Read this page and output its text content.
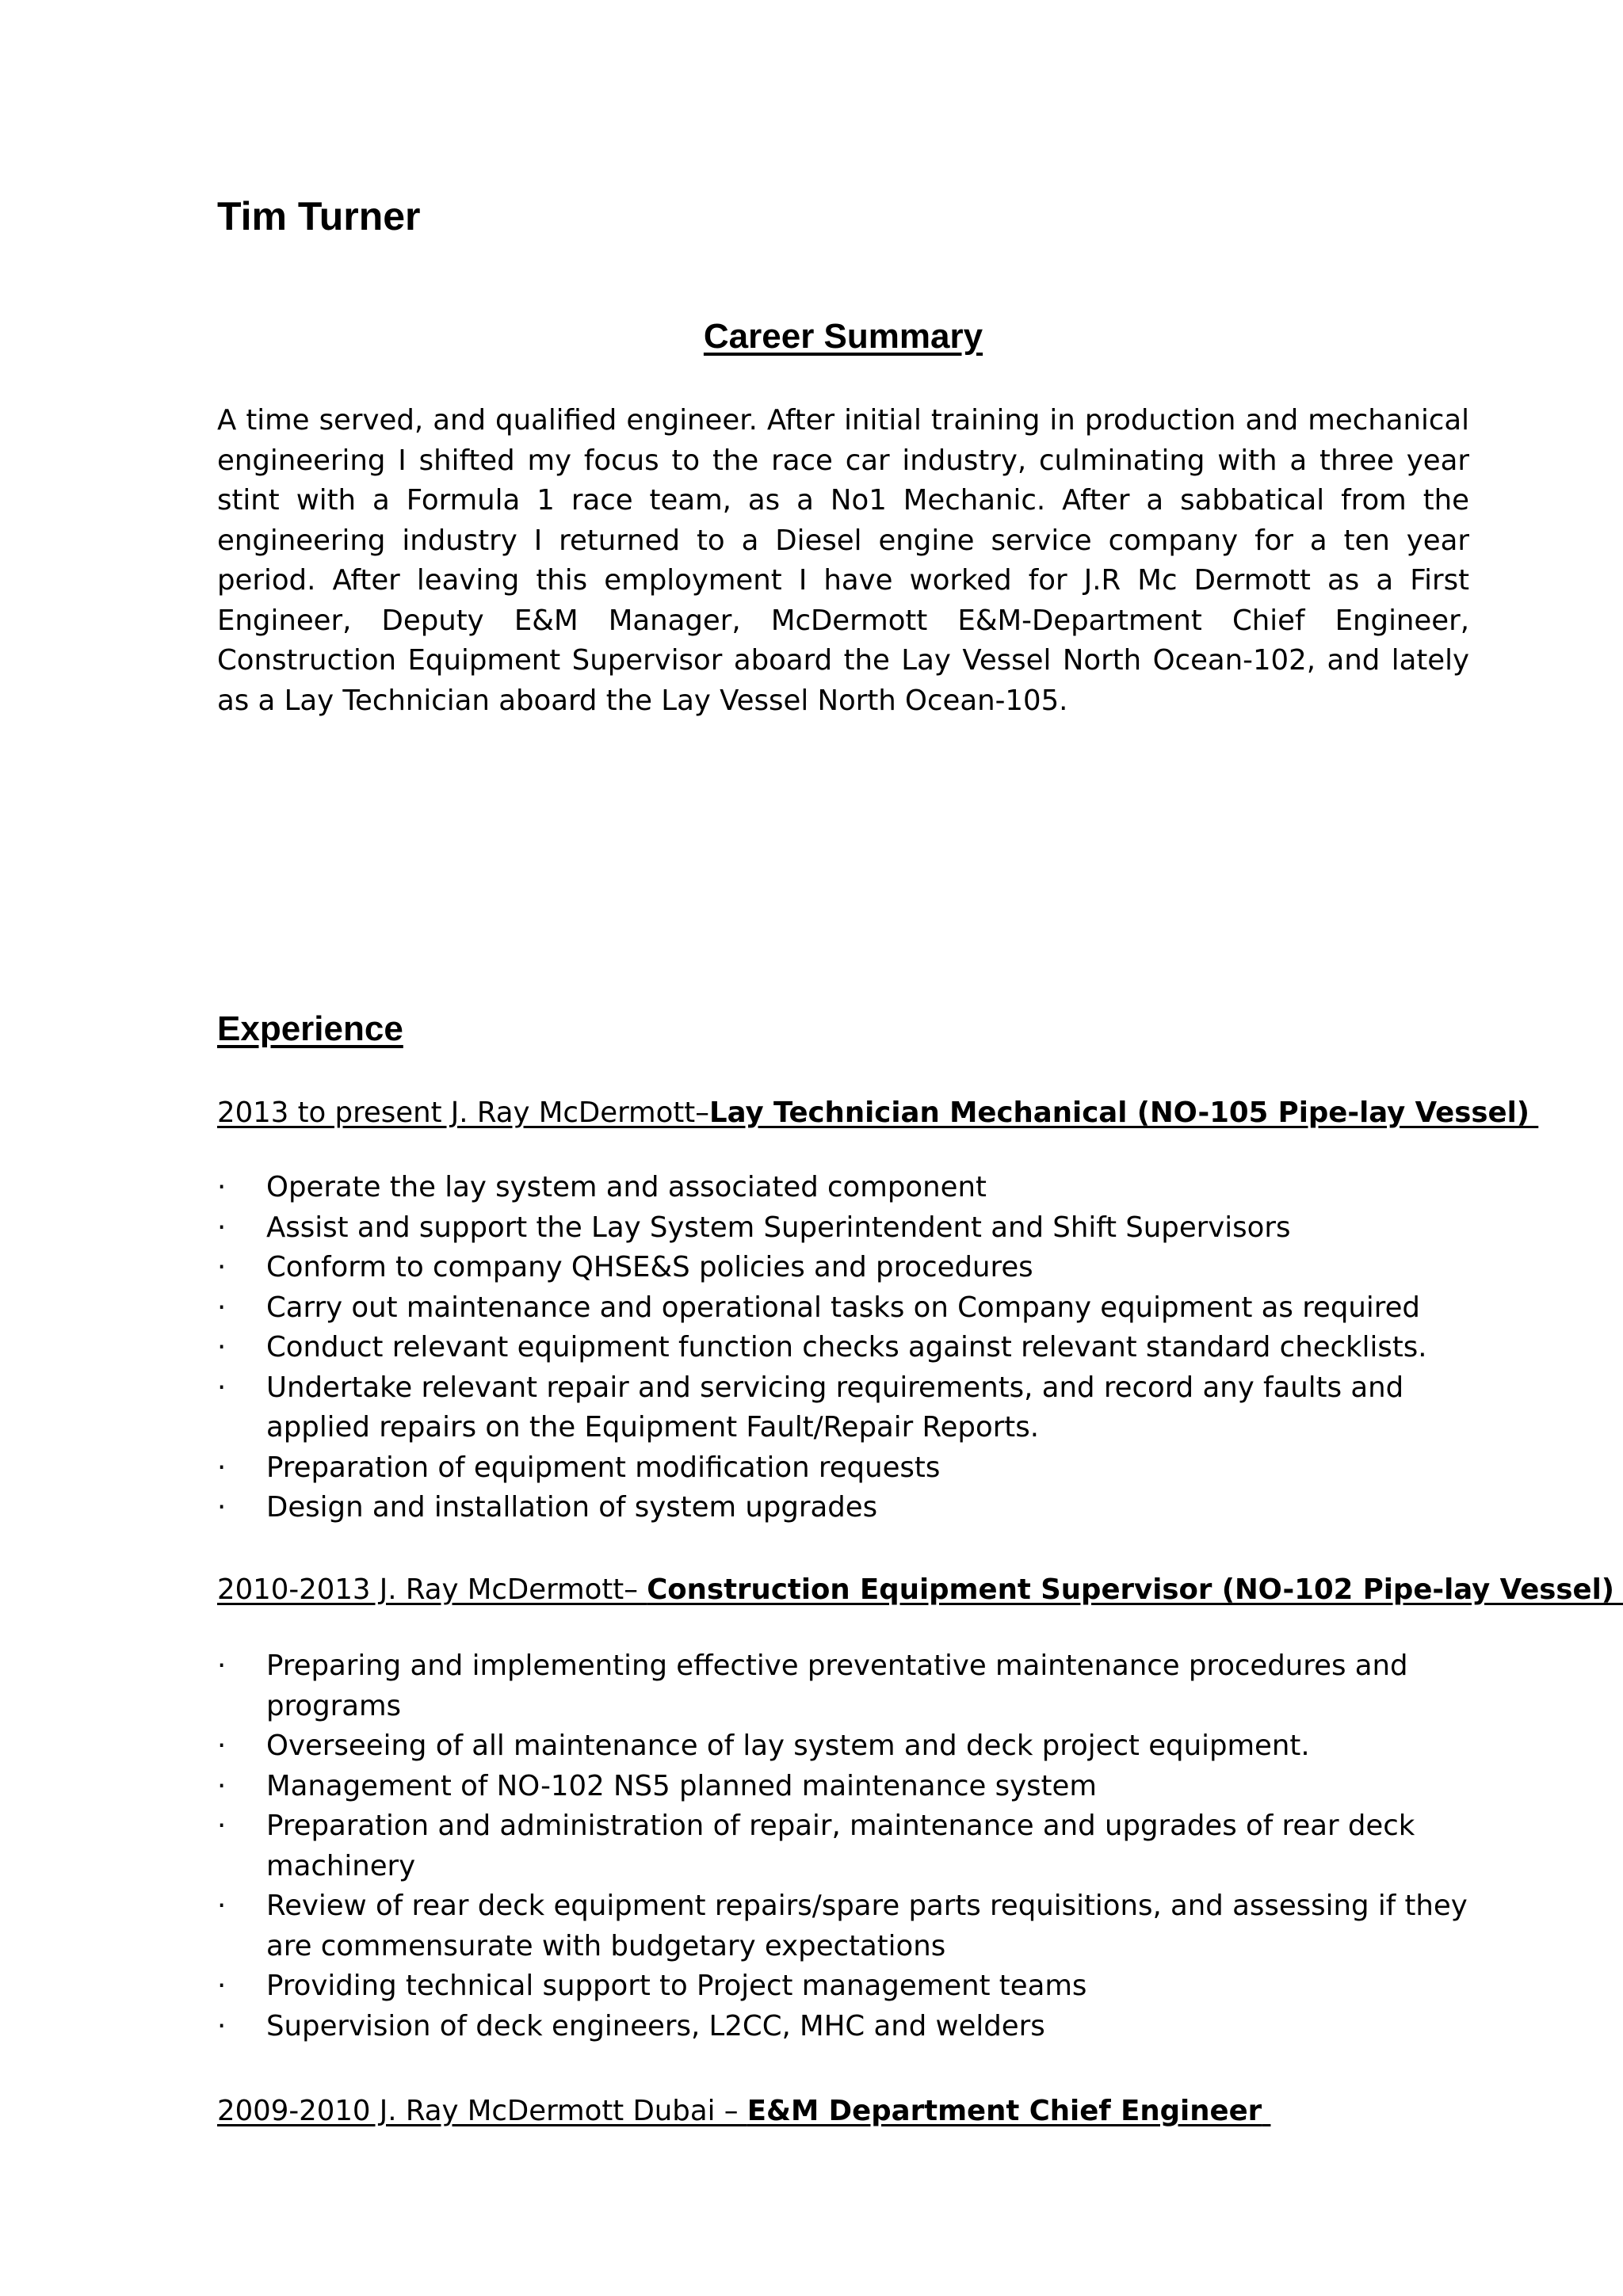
Tim Turner
Career Summary

A time served, and qualified engineer. After initial training in production and mechanical engineering I shifted my focus to the race car industry, culminating with a three year stint with a Formula 1 race team, as a No1 Mechanic. After a sabbatical from the engineering industry I returned to a Diesel engine service company for a ten year period. After leaving this employment I have worked for J.R Mc Dermott as a First Engineer, Deputy E&M Manager, McDermott E&M-Department Chief Engineer, Construction Equipment Supervisor aboard the Lay Vessel North Ocean-102, and lately as a Lay Technician aboard the Lay Vessel North Ocean-105.

Experience

2013 to present J. Ray McDermott–Lay Technician Mechanical (NO-105 Pipe-lay Vessel)

· Operate the lay system and associated component
· Assist and support the Lay System Superintendent and Shift Supervisors
· Conform to company QHSE&S policies and procedures
· Carry out maintenance and operational tasks on Company equipment as required
· Conduct relevant equipment function checks against relevant standard checklists.
· Undertake relevant repair and servicing requirements, and record any faults and applied repairs on the Equipment Fault/Repair Reports.
· Preparation of equipment modification requests
· Design and installation of system upgrades

2010-2013 J. Ray McDermott– Construction Equipment Supervisor (NO-102 Pipe-lay Vessel)

· Preparing and implementing effective preventative maintenance procedures and programs
· Overseeing of all maintenance of lay system and deck project equipment.
· Management of NO-102 NS5 planned maintenance system
· Preparation and administration of repair, maintenance and upgrades of rear deck machinery
· Review of rear deck equipment repairs/spare parts requisitions, and assessing if they are commensurate with budgetary expectations
· Providing technical support to Project management teams
· Supervision of deck engineers, L2CC, MHC and welders

2009-2010 J. Ray McDermott Dubai – E&M Department Chief Engineer
